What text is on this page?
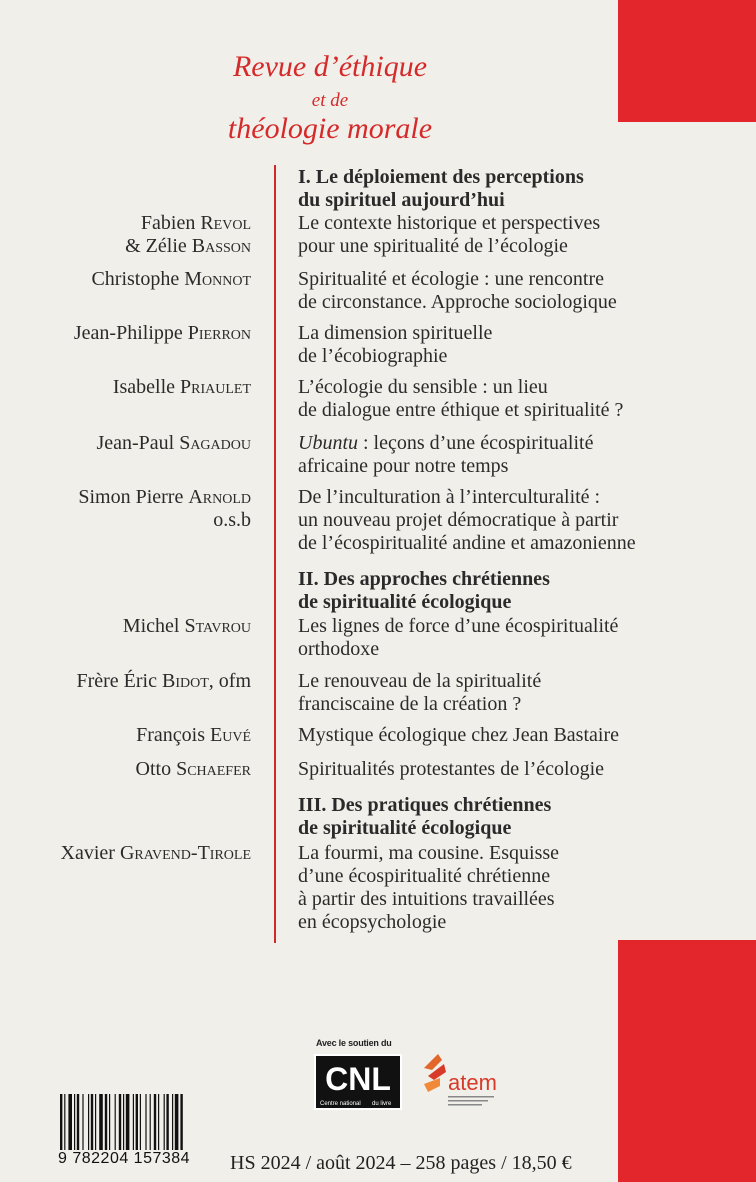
Revue d’éthique
et de
théologie morale
I. Le déploiement des perceptions
du spirituel aujourd’hui
Fabien Revol
& Zélie Basson
Le contexte historique et perspectives
pour une spiritualité de l’écologie
Christophe Monnot Spiritualité et écologie : une rencontre
de circonstance. Approche sociologique
Jean-Philippe Pierron La dimension spirituelle
de l’écobiographie
Isabelle Priaulet L’écologie du sensible : un lieu
de dialogue entre éthique et spiritualité ?
Jean-Paul Sagadou Ubuntu : leçons d’une écospiritualité
africaine pour notre temps
Simon Pierre Arnold
o.s.b
De l’inculturation à l’interculturalité :
un nouveau projet démocratique à partir
de l’écospiritualité andine et amazonienne
II. Des approches chrétiennes
de spiritualité écologique
Michel Stavrou Les lignes de force d’une écospiritualité
orthodoxe
Frère Éric Bidot, ofm Le renouveau de la spiritualité
franciscaine de la création ?
François Euvé Mystique écologique chez Jean Bastaire
Otto Schaefer Spiritualités protestantes de l’écologie
III. Des pratiques chrétiennes
de spiritualité écologique
Xavier Gravend-Tirole La fourmi, ma cousine. Esquisse
d’une écospiritualité chrétienne
à partir des intuitions travaillées
en écopsychologie
Avec le soutien du
CNL
Centre national du livre
atem
9 782204 157384	HS 2024 / août 2024 – 258 pages / 18,50 €
